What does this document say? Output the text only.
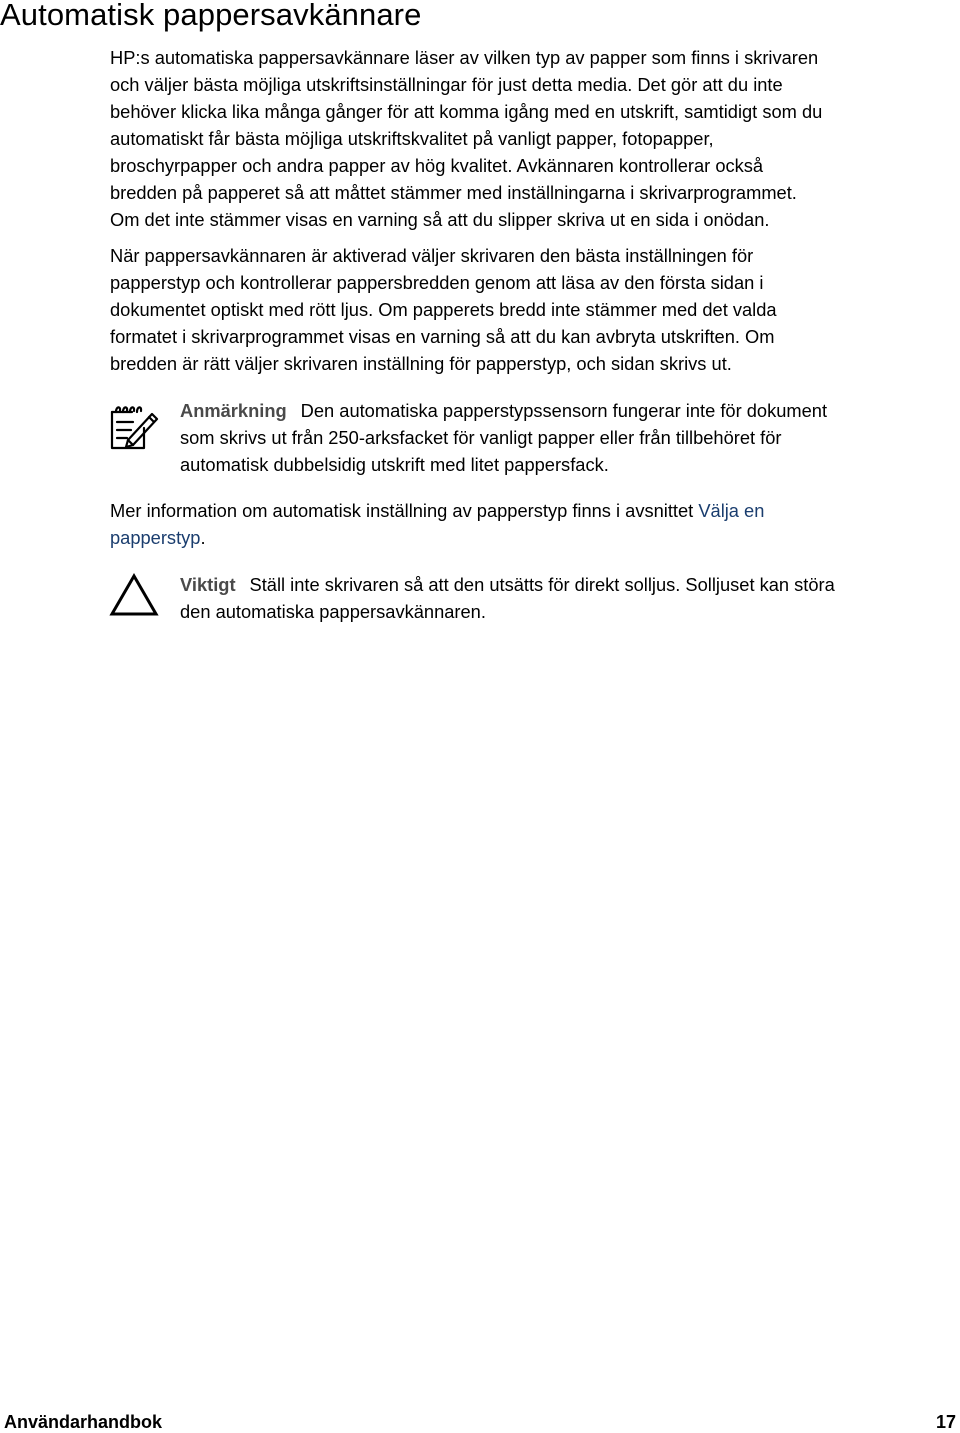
Automatisk pappersavkännare

HP:s automatiska pappersavkännare läser av vilken typ av papper som finns i skrivaren
och väljer bästa möjliga utskriftsinställningar för just detta media. Det gör att du inte
behöver klicka lika många gånger för att komma igång med en utskrift, samtidigt som du
automatiskt får bästa möjliga utskriftskvalitet på vanligt papper, fotopapper,
broschyrpapper och andra papper av hög kvalitet. Avkännaren kontrollerar också
bredden på papperet så att måttet stämmer med inställningarna i skrivarprogrammet.
Om det inte stämmer visas en varning så att du slipper skriva ut en sida i onödan.

När pappersavkännaren är aktiverad väljer skrivaren den bästa inställningen för
papperstyp och kontrollerar pappersbredden genom att läsa av den första sidan i
dokumentet optiskt med rött ljus. Om papperets bredd inte stämmer med det valda
formatet i skrivarprogrammet visas en varning så att du kan avbryta utskriften. Om
bredden är rätt väljer skrivaren inställning för papperstyp, och sidan skrivs ut.

Anmärkning Den automatiska papperstypssensorn fungerar inte för dokument
som skrivs ut från 250-arksfacket för vanligt papper eller från tillbehöret för
automatisk dubbelsidig utskrift med litet pappersfack.

Mer information om automatisk inställning av papperstyp finns i avsnittet Välja en
papperstyp.

Viktigt Ställ inte skrivaren så att den utsätts för direkt solljus. Solljuset kan störa
den automatiska pappersavkännaren.
Användarhandbok	17
